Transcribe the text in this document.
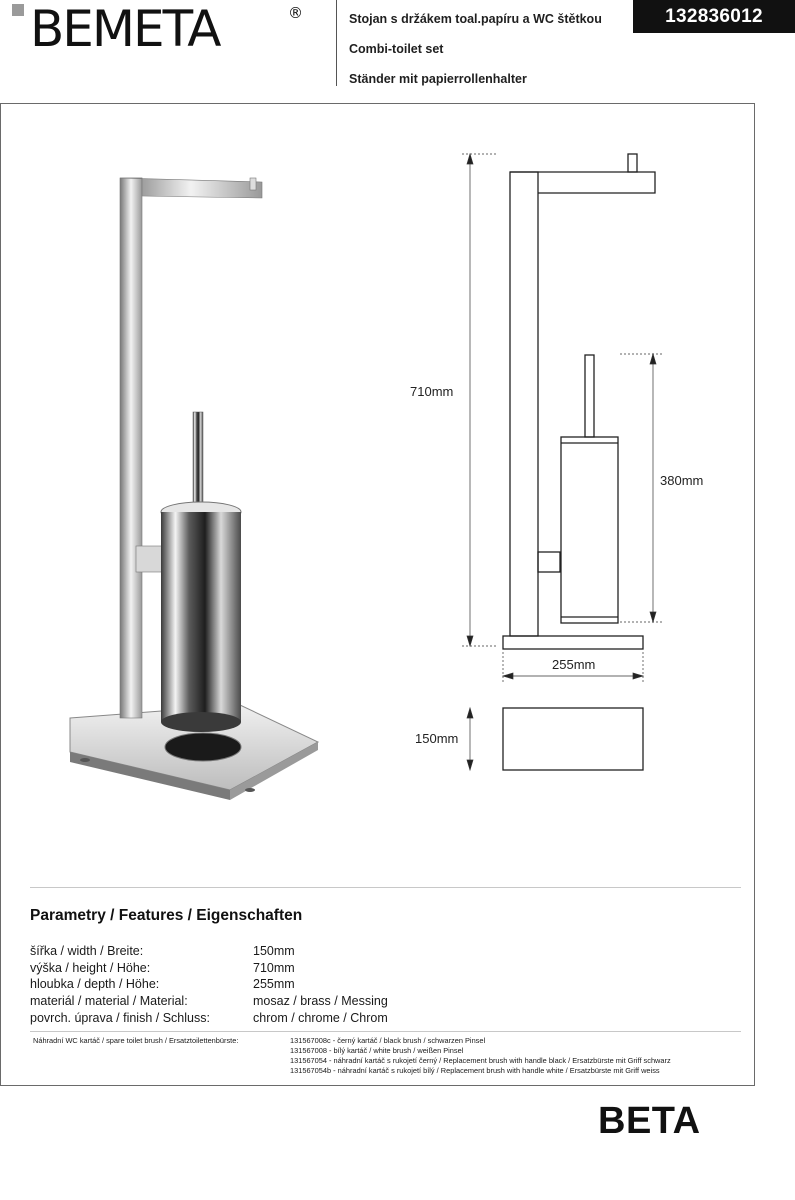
BEMETA	®	Stojan s držákem toal.papíru a WC štětkou
Combi-toilet set
Ständer mit papierrollenhalter
132836012
710mm
380mm
255mm
150mm
Parametry / Features / Eigenschaften
šířka / width / Breite:	150mm
výška / height / Höhe:	710mm
hloubka / depth / Höhe:	255mm
materiál / material / Material:	mosaz / brass / Messing
povrch. úprava / finish / Schluss:	chrom / chrome / Chrom
Náhradní WC kartáč / spare toilet brush / Ersatztoilettenbürste:	131567008c - černý kartáč / black brush / schwarzen Pinsel
131567008 - bílý kartáč / white brush / weißen Pinsel
131567054 - náhradní kartáč s rukojetí černý / Replacement brush with handle black / Ersatzbürste mit Griff schwarz
131567054b - náhradní kartáč s rukojetí bílý / Replacement brush with handle white / Ersatzbürste mit Griff weiss
BETA
